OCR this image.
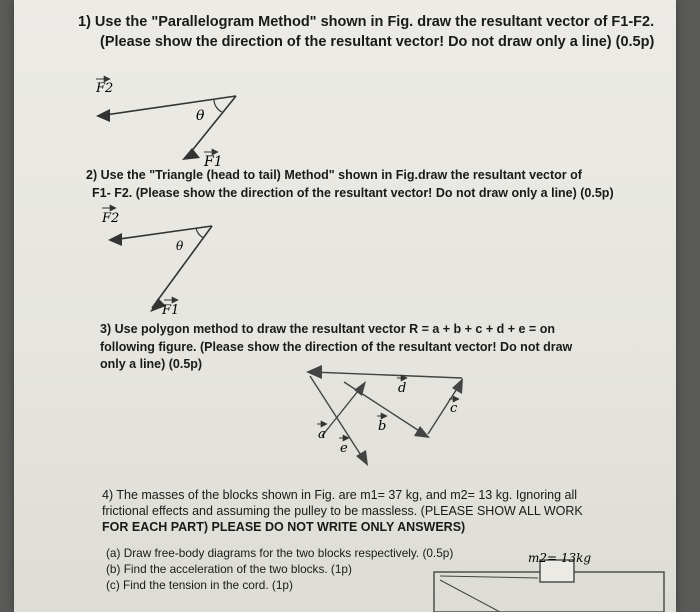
1) Use the "Parallelogram Method" shown in Fig. draw the resultant vector of F1-F2.
(Please show the direction of the resultant vector! Do not draw only a line) (0.5p)
2) Use the "Triangle (head to tail) Method" shown in Fig.draw the resultant vector of
F1- F2. (Please show the direction of the resultant vector! Do not draw only a line) (0.5p)
3) Use polygon method to draw the resultant vector R = a + b + c + d + e = on
following figure. (Please show the direction of the resultant vector! Do not draw
only a line) (0.5p)
4) The masses of the blocks shown in Fig. are m1= 37 kg, and m2= 13 kg. Ignoring all
frictional effects and assuming the pulley to be massless. (PLEASE SHOW ALL WORK
FOR EACH PART) PLEASE DO NOT WRITE ONLY ANSWERS)
(a) Draw free-body diagrams for the two blocks respectively. (0.5p)
(b) Find the acceleration of the two blocks. (1p)
(c) Find the tension in the cord. (1p)
F2
F1
θ
F2
F1
θ
d
c
b
a
e
m2= 13kg
